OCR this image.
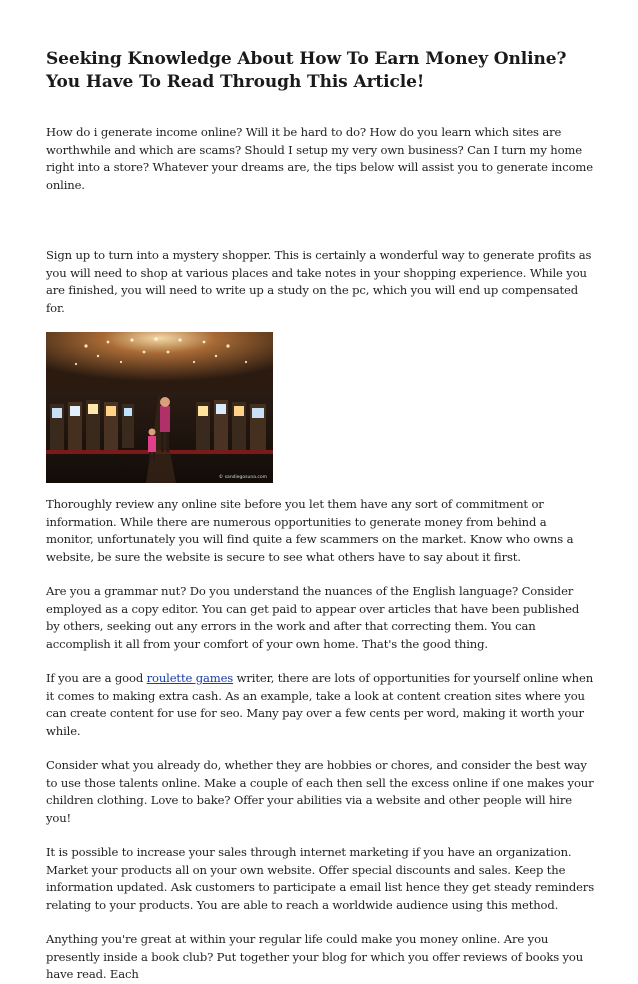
Seeking Knowledge About How To Earn Money Online? You Have To Read Through This Article!

How do i generate income online? Will it be hard to do? How do you learn which sites are worthwhile and which are scams? Should I setup my very own business? Can I turn my home right into a store? Whatever your dreams are, the tips below will assist you to generate income online.

Sign up to turn into a mystery shopper. This is certainly a wonderful way to generate profits as you will need to shop at various places and take notes in your shopping experience. While you are finished, you will need to write up a study on the pc, which you will end up compensated for.

© sandiegosuna.com

Thoroughly review any online site before you let them have any sort of commitment or information. While there are numerous opportunities to generate money from behind a monitor, unfortunately you will find quite a few scammers on the market. Know who owns a website, be sure the website is secure to see what others have to say about it first.

Are you a grammar nut? Do you understand the nuances of the English language? Consider employed as a copy editor. You can get paid to appear over articles that have been published by others, seeking out any errors in the work and after that correcting them. You can accomplish it all from your comfort of your own home. That's the good thing.

If you are a good roulette games writer, there are lots of opportunities for yourself online when it comes to making extra cash. As an example, take a look at content creation sites where you can create content for use for seo. Many pay over a few cents per word, making it worth your while.

Consider what you already do, whether they are hobbies or chores, and consider the best way to use those talents online. Make a couple of each then sell the excess online if one makes your children clothing. Love to bake? Offer your abilities via a website and other people will hire you!

It is possible to increase your sales through internet marketing if you have an organization. Market your products all on your own website. Offer special discounts and sales. Keep the information updated. Ask customers to participate a email list hence they get steady reminders relating to your products. You are able to reach a worldwide audience using this method.

Anything you're great at within your regular life could make you money online. Are you presently inside a book club? Put together your blog for which you offer reviews of books you have read. Each
